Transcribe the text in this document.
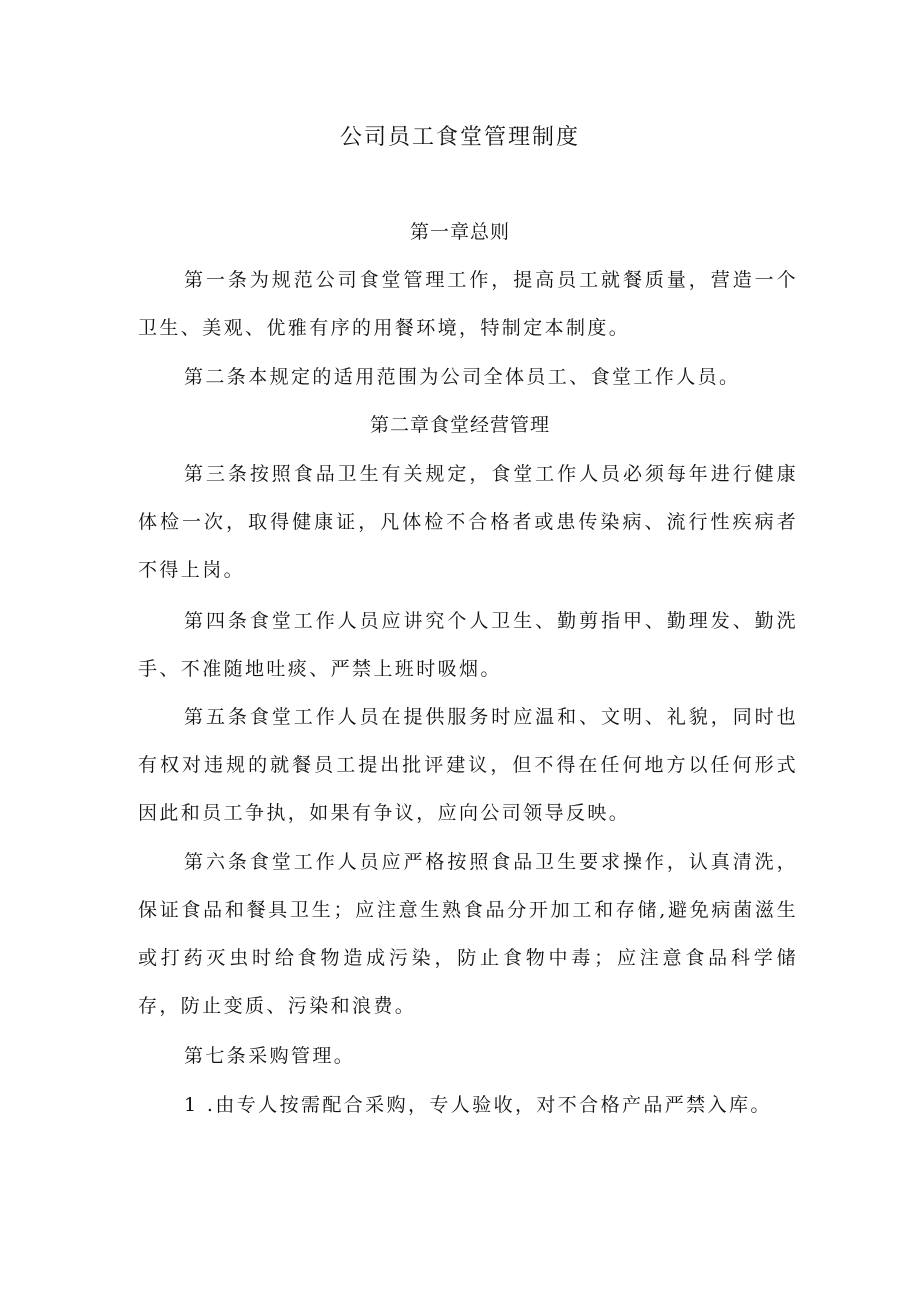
公司员工食堂管理制度
第一章总则

第一条为规范公司食堂管理工作，提高员工就餐质量，营造一个卫生、美观、优雅有序的用餐环境，特制定本制度。

第二条本规定的适用范围为公司全体员工、食堂工作人员。

第二章食堂经营管理

第三条按照食品卫生有关规定，食堂工作人员必须每年进行健康体检一次，取得健康证，凡体检不合格者或患传染病、流行性疾病者不得上岗。

第四条食堂工作人员应讲究个人卫生、勤剪指甲、勤理发、勤洗手、不准随地吐痰、严禁上班时吸烟。

第五条食堂工作人员在提供服务时应温和、文明、礼貌，同时也有权对违规的就餐员工提出批评建议，但不得在任何地方以任何形式因此和员工争执，如果有争议，应向公司领导反映。

第六条食堂工作人员应严格按照食品卫生要求操作，认真清洗，保证食品和餐具卫生；应注意生熟食品分开加工和存储,避免病菌滋生或打药灭虫时给食物造成污染，防止食物中毒；应注意食品科学储存，防止变质、污染和浪费。

第七条采购管理。

1 .由专人按需配合采购，专人验收，对不合格产品严禁入库。
